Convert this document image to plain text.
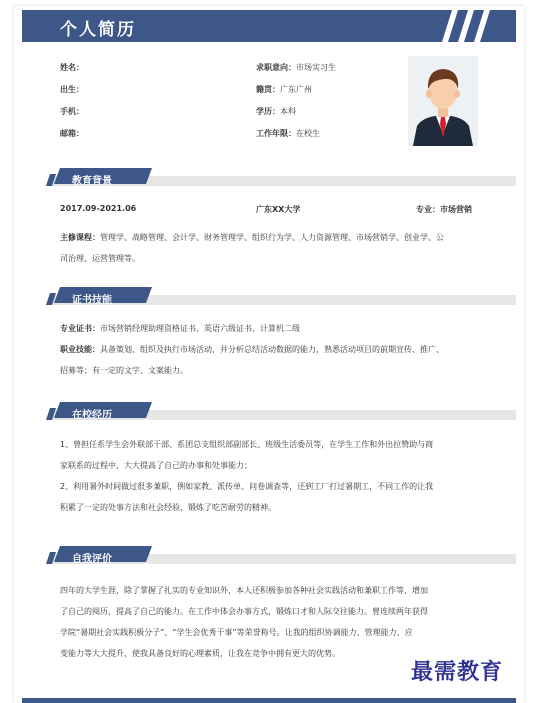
个人简历
姓名：
出生：
手机：
邮箱：
求职意向：市场实习生
籍贯：广东广州
学历：本科
工作年限：在校生
教育背景
2017.09-2021.06	广东XX大学	专业：市场营销
主修课程：管理学、战略管理、会计学、财务管理学、组织行为学、人力资源管理、市场营销学、创业学、公
司治理、运营管理等。
证书技能
专业证书：市场营销经理助理资格证书、英语六级证书、计算机二级
职业技能：具备策划、组织及执行市场活动，并分析总结活动数据的能力，熟悉活动项目的前期宣传、推广、
招募等；有一定的文字、文案能力。
在校经历
1、曾担任系学生会外联部干部、系团总支组织部副部长、班级生活委员等，在学生工作和外出拉赞助与商
家联系的过程中，大大提高了自己的办事和处事能力；
2、利用暑外时间做过很多兼职，例如家教、派传单、问卷调查等，还到工厂打过暑期工，不同工作的让我
积累了一定的处事方法和社会经验，锻炼了吃苦耐劳的精神。
自我评价
四年的大学生涯，除了掌握了扎实的专业知识外，本人还积极参加各种社会实践活动和兼职工作等，增加
了自己的阅历，提高了自己的能力。在工作中体会办事方式，锻炼口才和人际交往能力。曾连续两年获得
学院“暑期社会实践积极分子”、“学生会优秀干事”等荣誉称号。让我的组织协调能力、管理能力、应
变能力等大大提升，使我具备良好的心理素质，让我在竞争中拥有更大的优势。
最需教育
